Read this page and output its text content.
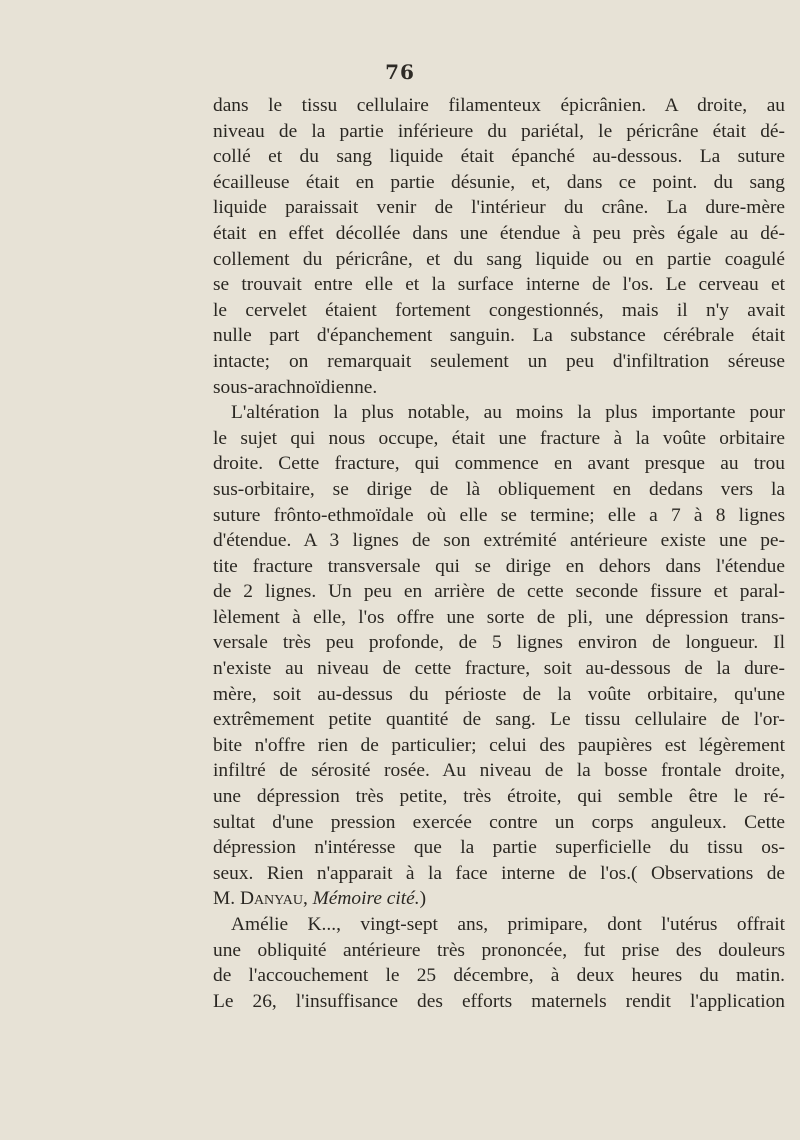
76
dans le tissu cellulaire filamenteux épicrânien. A droite, au
niveau de la partie inférieure du pariétal, le péricrâne était dé-
collé et du sang liquide était épanché au-dessous. La suture
écailleuse était en partie désunie, et, dans ce point. du sang
liquide paraissait venir de l'intérieur du crâne. La dure-mère
était en effet décollée dans une étendue à peu près égale au dé-
collement du péricrâne, et du sang liquide ou en partie coagulé
se trouvait entre elle et la surface interne de l'os. Le cerveau et
le cervelet étaient fortement congestionnés, mais il n'y avait
nulle part d'épanchement sanguin. La substance cérébrale était
intacte; on remarquait seulement un peu d'infiltration séreuse
sous-arachnoïdienne.
L'altération la plus notable, au moins la plus importante pour
le sujet qui nous occupe, était une fracture à la voûte orbitaire
droite. Cette fracture, qui commence en avant presque au trou
sus-orbitaire, se dirige de là obliquement en dedans vers la
suture frônto-ethmoïdale où elle se termine; elle a 7 à 8 lignes
d'étendue. A 3 lignes de son extrémité antérieure existe une pe-
tite fracture transversale qui se dirige en dehors dans l'étendue
de 2 lignes. Un peu en arrière de cette seconde fissure et paral-
lèlement à elle, l'os offre une sorte de pli, une dépression trans-
versale très peu profonde, de 5 lignes environ de longueur. Il
n'existe au niveau de cette fracture, soit au-dessous de la dure-
mère, soit au-dessus du périoste de la voûte orbitaire, qu'une
extrêmement petite quantité de sang. Le tissu cellulaire de l'or-
bite n'offre rien de particulier; celui des paupières est légèrement
infiltré de sérosité rosée. Au niveau de la bosse frontale droite,
une dépression très petite, très étroite, qui semble être le ré-
sultat d'une pression exercée contre un corps anguleux. Cette
dépression n'intéresse que la partie superficielle du tissu os-
seux. Rien n'apparait à la face interne de l'os.( Observations de
M. Danyau, Mémoire cité.)
Amélie K..., vingt-sept ans, primipare, dont l'utérus offrait
une obliquité antérieure très prononcée, fut prise des douleurs
de l'accouchement le 25 décembre, à deux heures du matin.
Le 26, l'insuffisance des efforts maternels rendit l'application
